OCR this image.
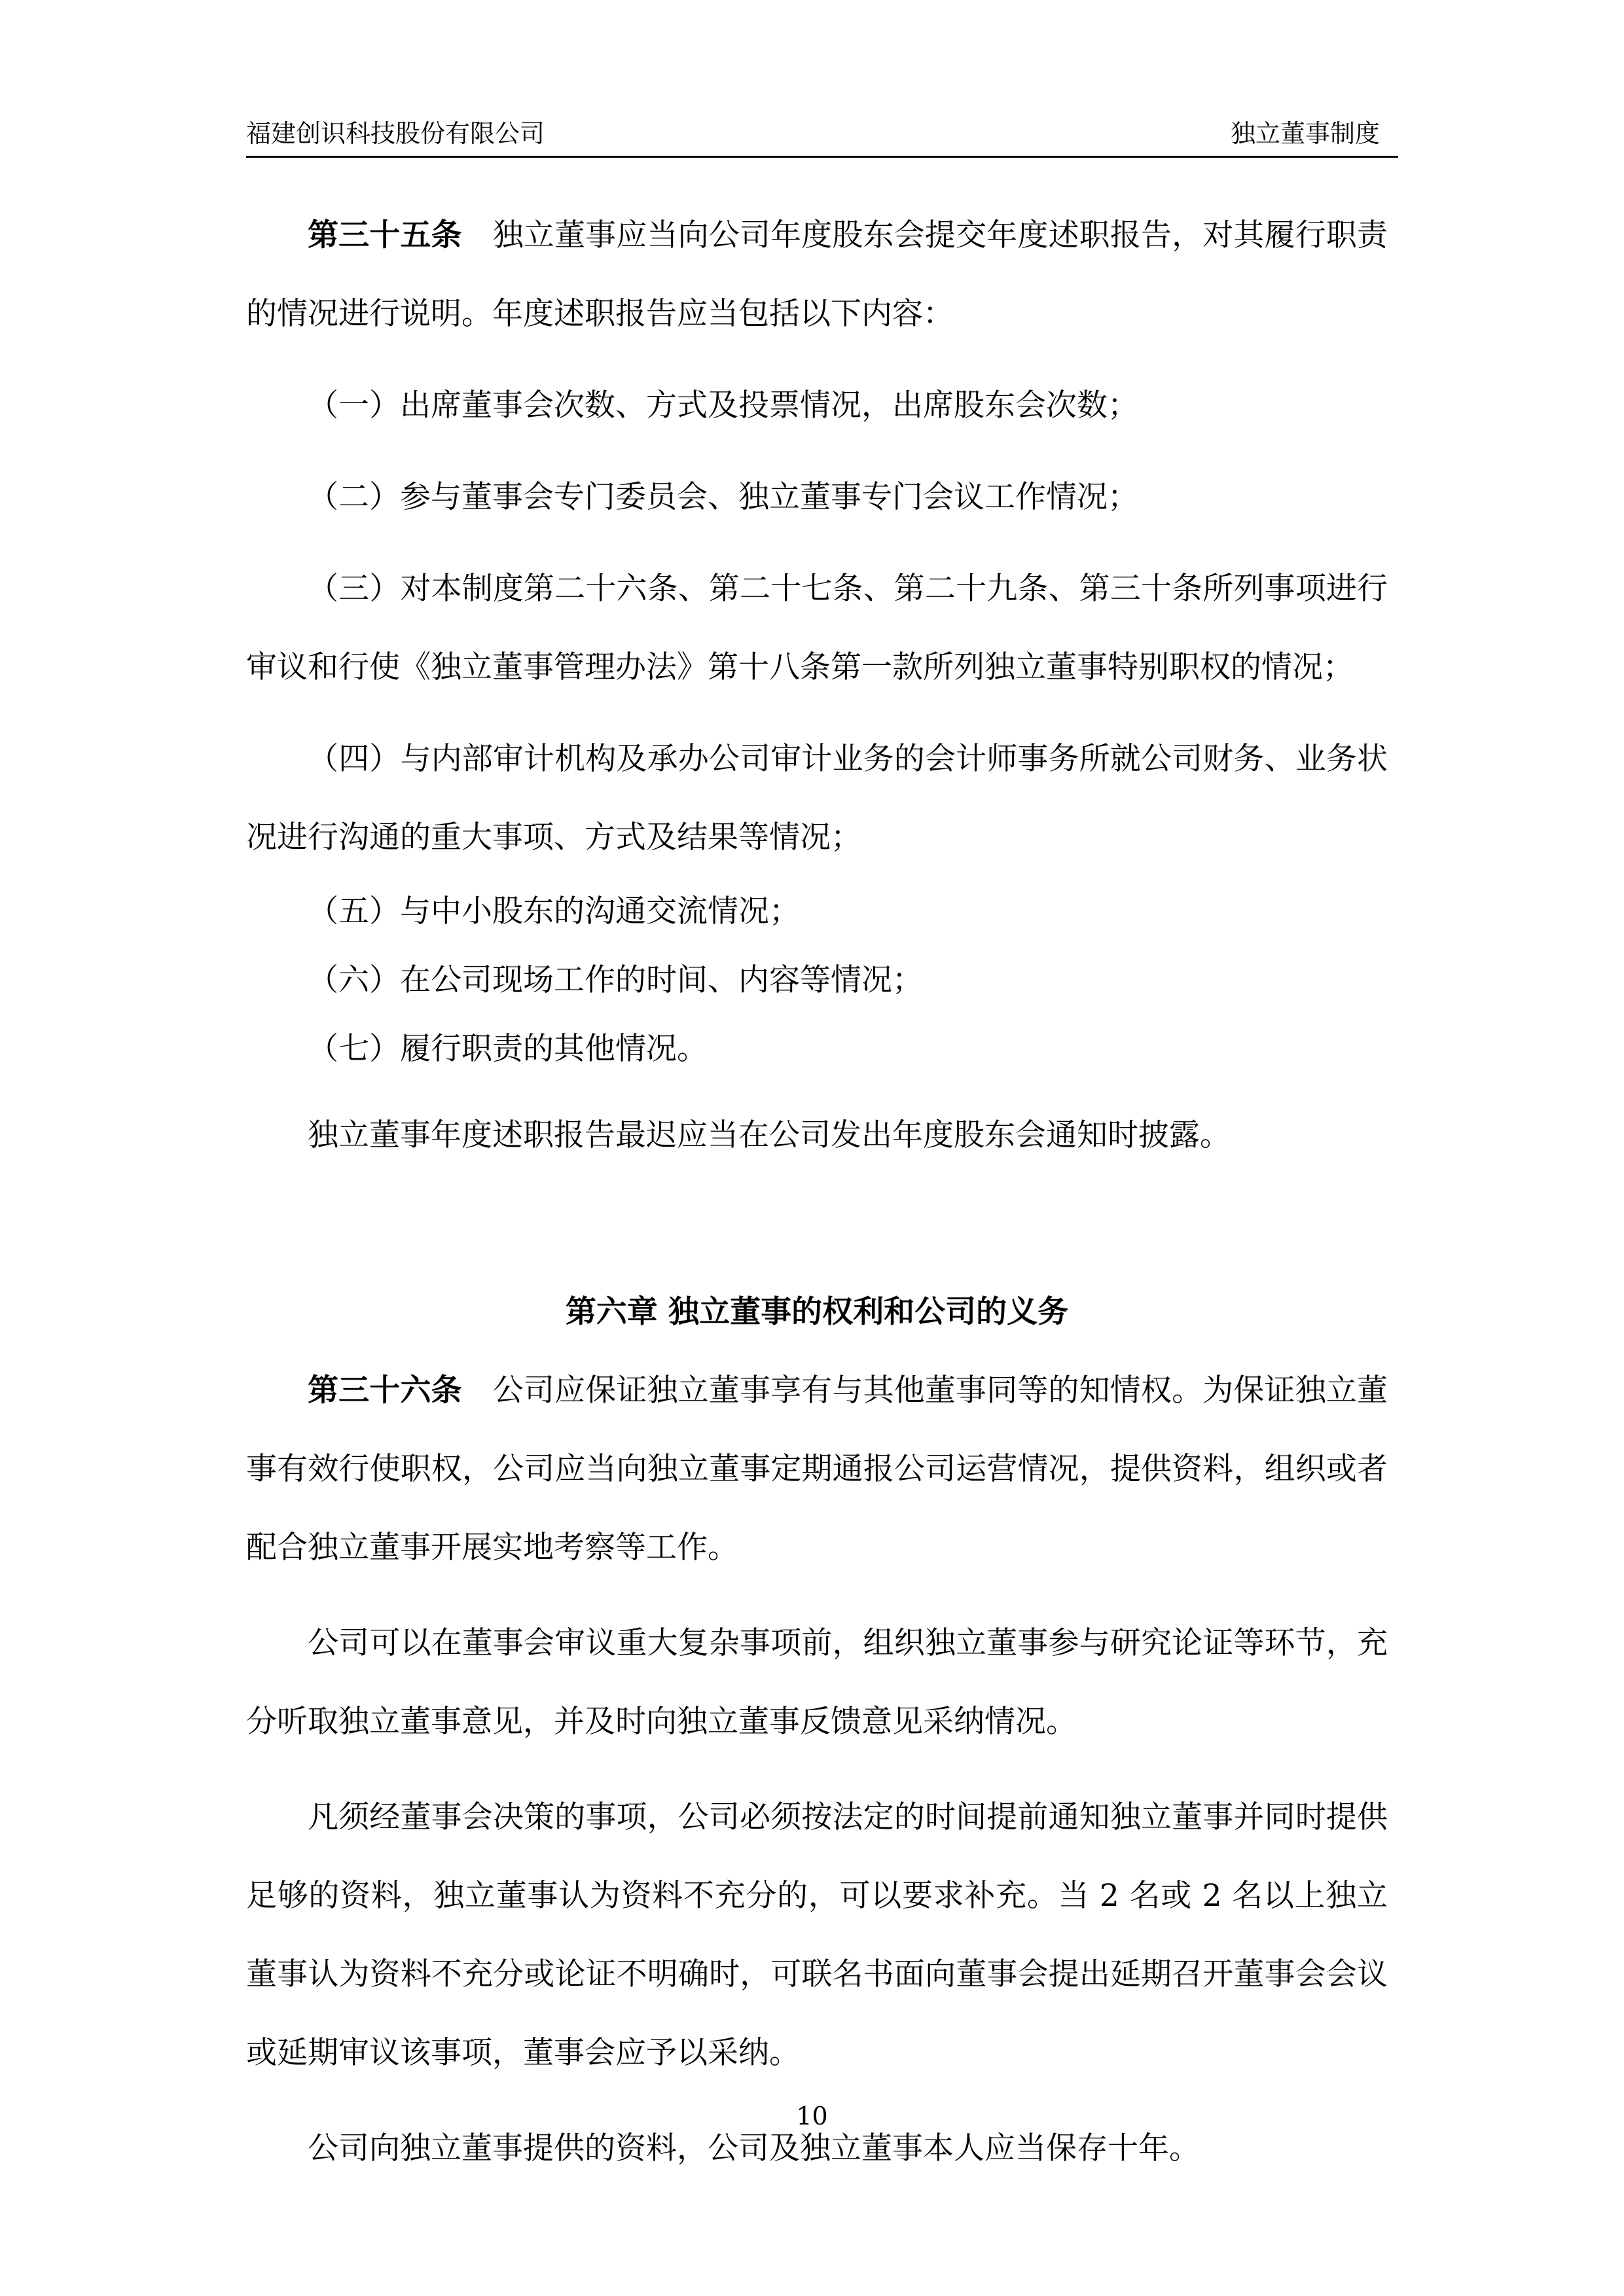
福建创识科技股份有限公司	独立董事制度

第三十五条 独立董事应当向公司年度股东会提交年度述职报告，对其履行职责的情况进行说明。年度述职报告应当包括以下内容：

（一）出席董事会次数、方式及投票情况，出席股东会次数；

（二）参与董事会专门委员会、独立董事专门会议工作情况；

（三）对本制度第二十六条、第二十七条、第二十九条、第三十条所列事项进行审议和行使《独立董事管理办法》第十八条第一款所列独立董事特别职权的情况；

（四）与内部审计机构及承办公司审计业务的会计师事务所就公司财务、业务状况进行沟通的重大事项、方式及结果等情况；

（五）与中小股东的沟通交流情况；

（六）在公司现场工作的时间、内容等情况；

（七）履行职责的其他情况。

独立董事年度述职报告最迟应当在公司发出年度股东会通知时披露。

第六章 独立董事的权利和公司的义务

第三十六条 公司应保证独立董事享有与其他董事同等的知情权。为保证独立董事有效行使职权，公司应当向独立董事定期通报公司运营情况，提供资料，组织或者配合独立董事开展实地考察等工作。

公司可以在董事会审议重大复杂事项前，组织独立董事参与研究论证等环节，充分听取独立董事意见，并及时向独立董事反馈意见采纳情况。

凡须经董事会决策的事项，公司必须按法定的时间提前通知独立董事并同时提供足够的资料，独立董事认为资料不充分的，可以要求补充。当 2 名或 2 名以上独立董事认为资料不充分或论证不明确时，可联名书面向董事会提出延期召开董事会会议或延期审议该事项，董事会应予以采纳。

公司向独立董事提供的资料，公司及独立董事本人应当保存十年。

10
